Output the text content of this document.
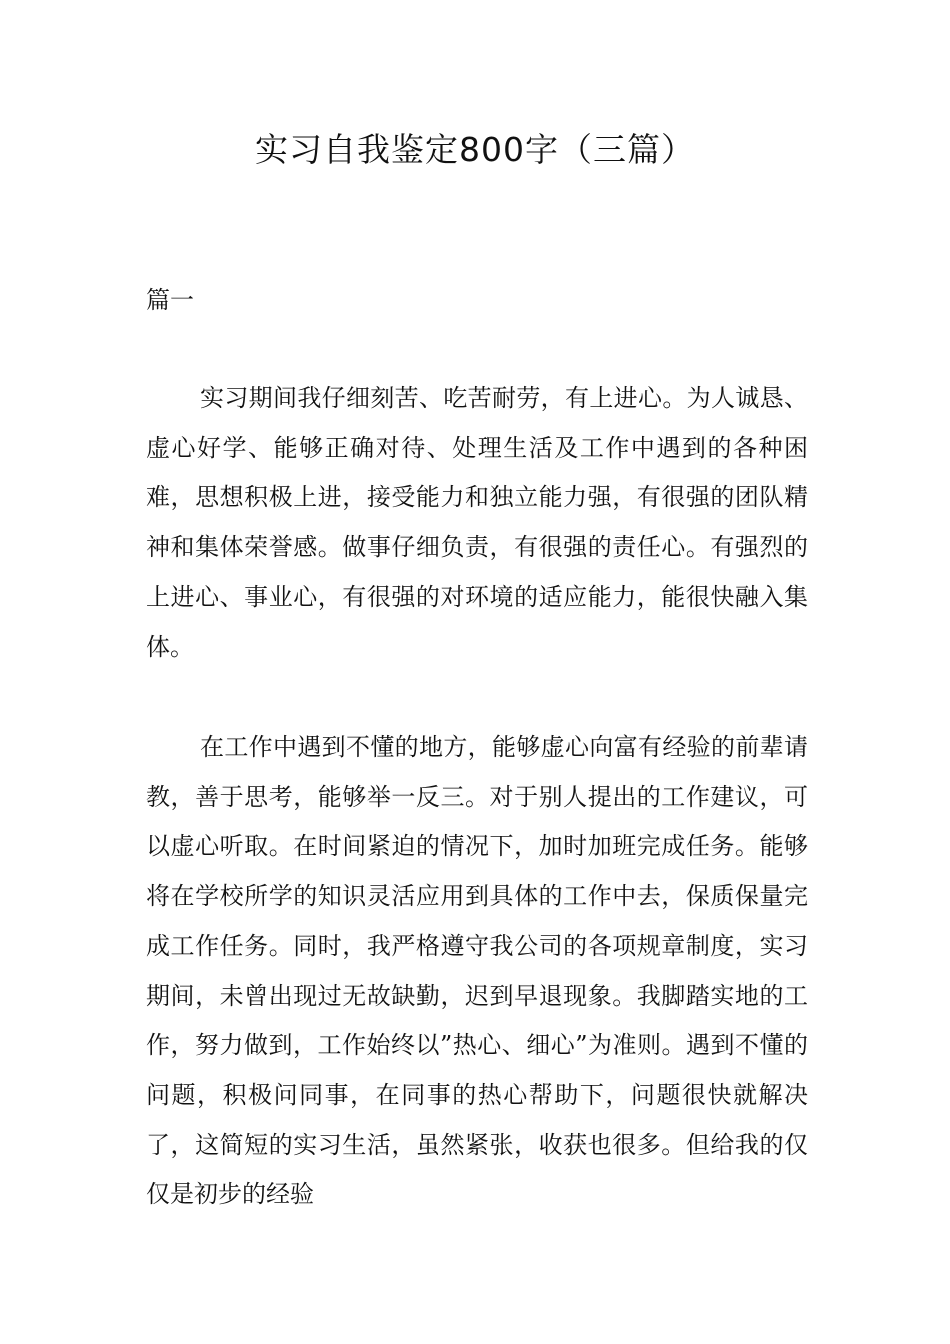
实习自我鉴定800字（三篇）

篇一

实习期间我仔细刻苦、吃苦耐劳，有上进心。为人诚恳、虚心好学、能够正确对待、处理生活及工作中遇到的各种困难，思想积极上进，接受能力和独立能力强，有很强的团队精神和集体荣誉感。做事仔细负责，有很强的责任心。有强烈的上进心、事业心，有很强的对环境的适应能力，能很快融入集体。

在工作中遇到不懂的地方，能够虚心向富有经验的前辈请教，善于思考，能够举一反三。对于别人提出的工作建议，可以虚心听取。在时间紧迫的情况下，加时加班完成任务。能够将在学校所学的知识灵活应用到具体的工作中去，保质保量完成工作任务。同时，我严格遵守我公司的各项规章制度，实习期间，未曾出现过无故缺勤，迟到早退现象。我脚踏实地的工作，努力做到，工作始终以”热心、细心”为准则。遇到不懂的问题，积极问同事，在同事的热心帮助下，问题很快就解决了，这简短的实习生活，虽然紧张，收获也很多。但给我的仅仅是初步的经验
